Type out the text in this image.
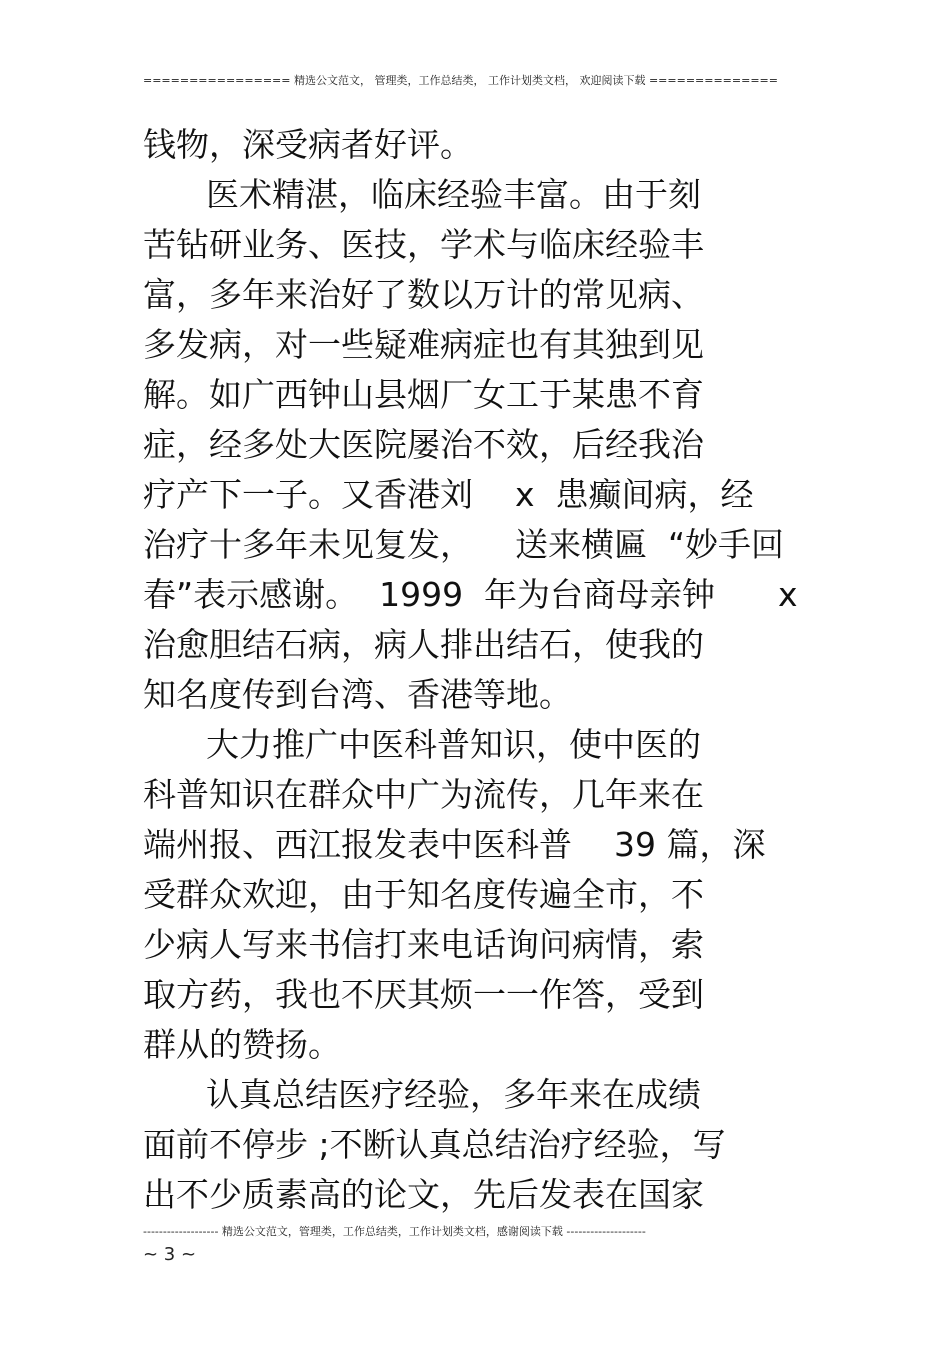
================ 精选公文范文， 管理类，工作总结类， 工作计划类文档， 欢迎阅读下载 ==============
钱物，深受病者好评。
医术精湛，临床经验丰富。由于刻
苦钻研业务、医技，学术与临床经验丰
富，多年来治好了数以万计的常见病、
多发病，对一些疑难病症也有其独到见
解。如广西钟山县烟厂女工于某患不育
症，经多处大医院屡治不效，后经我治
疗产下一子。又香港刘    x  患癫间病，经
治疗十多年未见复发，    送来横匾  “妙手回
春”表示感谢。  1999  年为台商母亲钟      x
治愈胆结石病，病人排出结石，使我的
知名度传到台湾、香港等地。
大力推广中医科普知识，使中医的
科普知识在群众中广为流传，几年来在
端州报、西江报发表中医科普    39 篇，深
受群众欢迎，由于知名度传遍全市，不
少病人写来书信打来电话询问病情，索
取方药，我也不厌其烦一一作答，受到
群从的赞扬。
认真总结医疗经验，多年来在成绩
面前不停步 ;不断认真总结治疗经验，写
出不少质素高的论文，先后发表在国家
------------------- 精选公文范文，管理类，工作总结类，工作计划类文档，感谢阅读下载 --------------------
~ 3 ~
